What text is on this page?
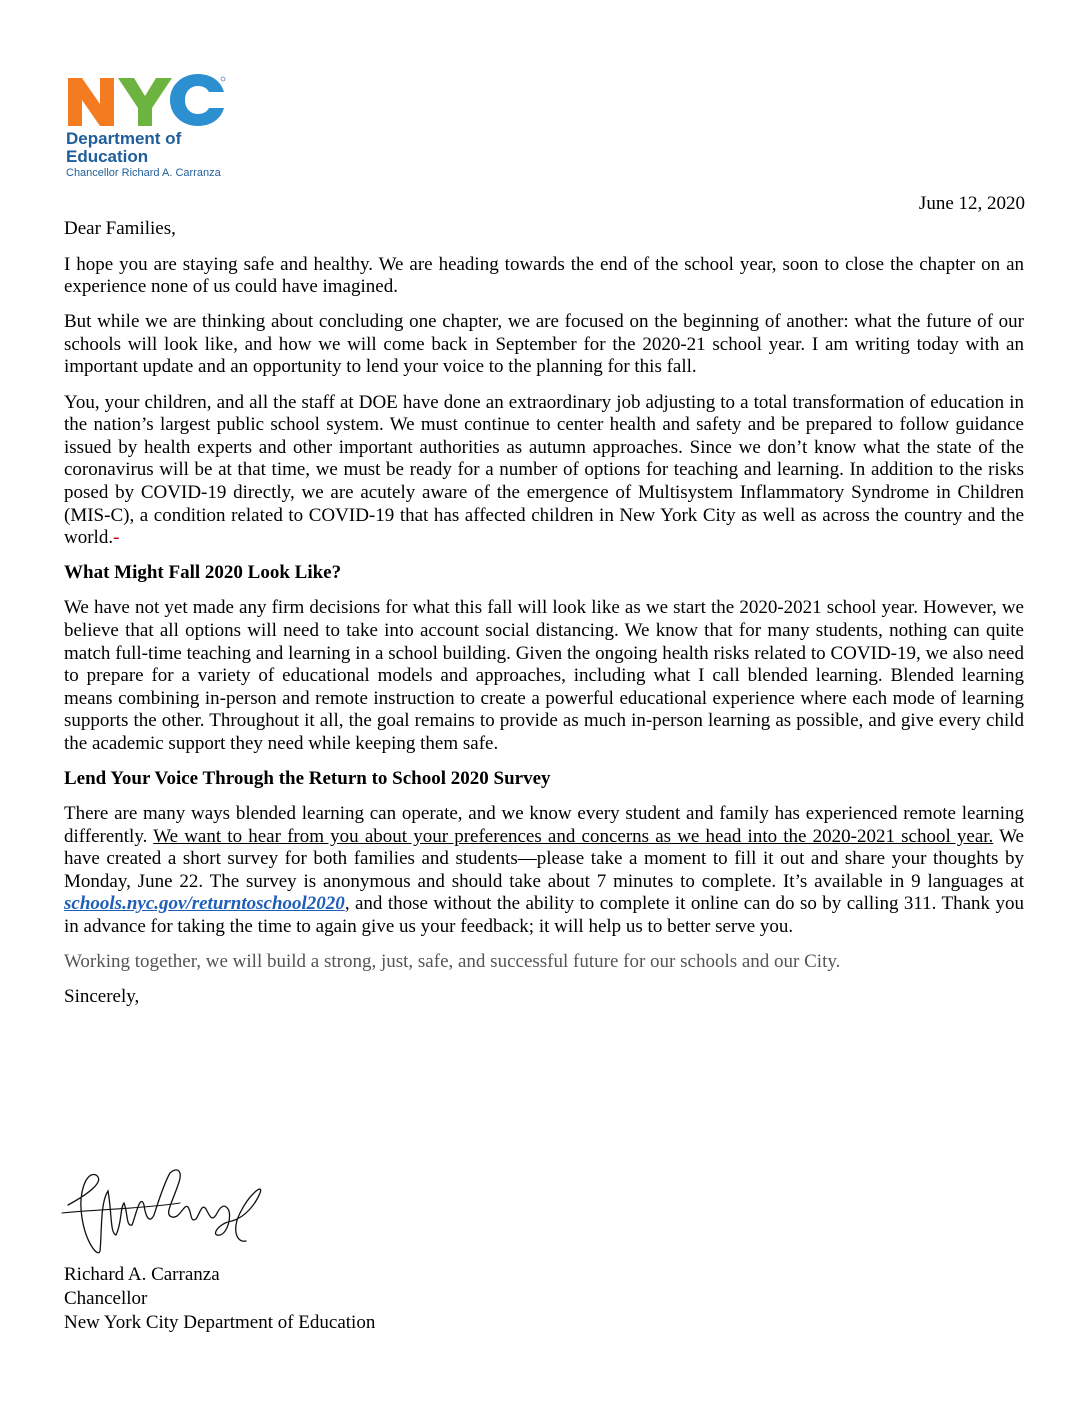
Department of
Education
Chancellor Richard A. Carranza
June 12, 2020

Dear Families,

I hope you are staying safe and healthy. We are heading towards the end of the school year, soon to close the chapter on an experience none of us could have imagined.

But while we are thinking about concluding one chapter, we are focused on the beginning of another: what the future of our schools will look like, and how we will come back in September for the 2020-21 school year. I am writing today with an important update and an opportunity to lend your voice to the planning for this fall.

You, your children, and all the staff at DOE have done an extraordinary job adjusting to a total transformation of education in the nation’s largest public school system. We must continue to center health and safety and be prepared to follow guidance issued by health experts and other important authorities as autumn approaches. Since we don’t know what the state of the coronavirus will be at that time, we must be ready for a number of options for teaching and learning. In addition to the risks posed by COVID-19 directly, we are acutely aware of the emergence of Multisystem Inflammatory Syndrome in Children (MIS-C), a condition related to COVID-19 that has affected children in New York City as well as across the country and the world.-

What Might Fall 2020 Look Like?

We have not yet made any firm decisions for what this fall will look like as we start the 2020-2021 school year. However, we believe that all options will need to take into account social distancing. We know that for many students, nothing can quite match full-time teaching and learning in a school building. Given the ongoing health risks related to COVID-19, we also need to prepare for a variety of educational models and approaches, including what I call blended learning. Blended learning means combining in-person and remote instruction to create a powerful educational experience where each mode of learning supports the other. Throughout it all, the goal remains to provide as much in-person learning as possible, and give every child the academic support they need while keeping them safe.

Lend Your Voice Through the Return to School 2020 Survey

There are many ways blended learning can operate, and we know every student and family has experienced remote learning differently. We want to hear from you about your preferences and concerns as we head into the 2020-2021 school year. We have created a short survey for both families and students—please take a moment to fill it out and share your thoughts by Monday, June 22. The survey is anonymous and should take about 7 minutes to complete. It’s available in 9 languages at schools.nyc.gov/returntoschool2020, and those without the ability to complete it online can do so by calling 311. Thank you in advance for taking the time to again give us your feedback; it will help us to better serve you.

Working together, we will build a strong, just, safe, and successful future for our schools and our City.

Sincerely,

Richard A. Carranza
Chancellor
New York City Department of Education
